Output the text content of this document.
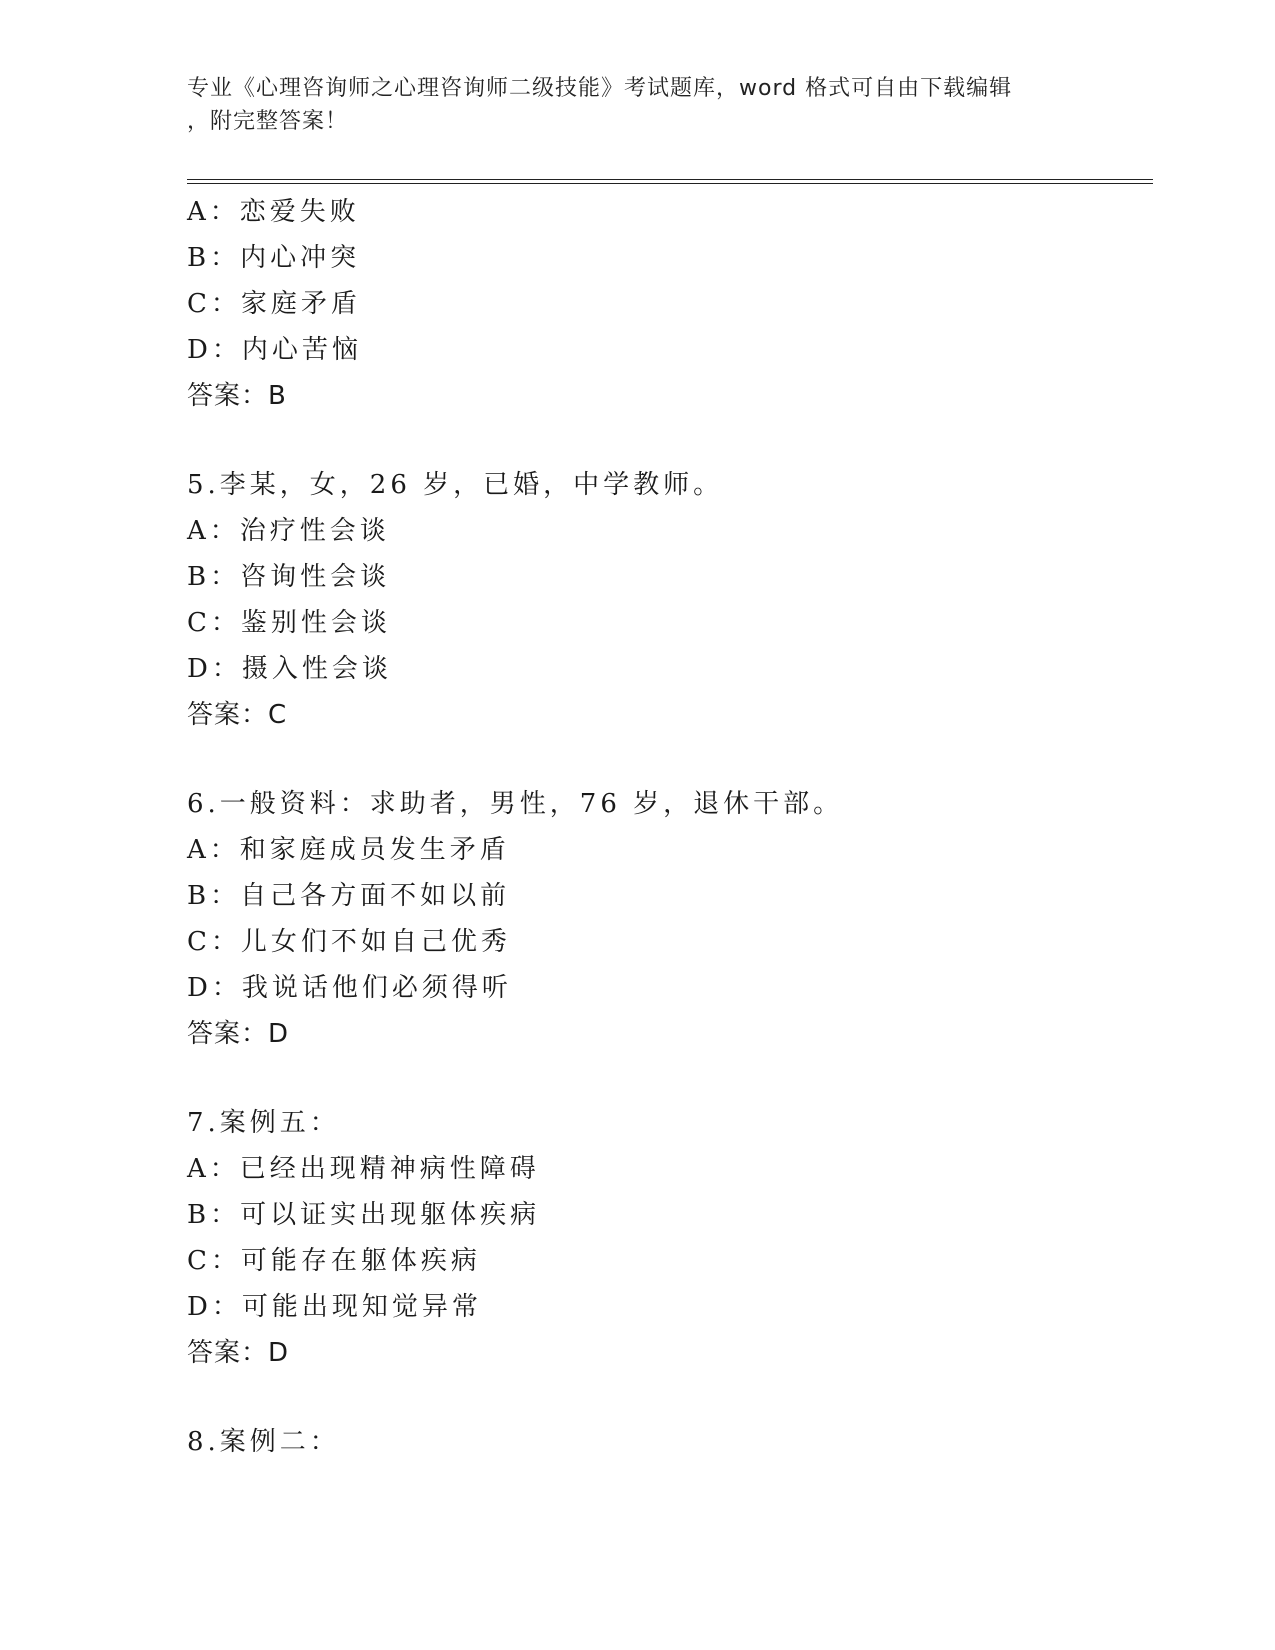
专业《心理咨询师之心理咨询师二级技能》考试题库，word 格式可自由下载编辑
，附完整答案！
A：恋爱失败
B：内心冲突
C：家庭矛盾
D：内心苦恼
答案：B
5.李某，女，26 岁，已婚，中学教师。
A：治疗性会谈
B：咨询性会谈
C：鉴别性会谈
D：摄入性会谈
答案：C
6.一般资料：求助者，男性，76 岁，退休干部。
A：和家庭成员发生矛盾
B：自己各方面不如以前
C：儿女们不如自己优秀
D：我说话他们必须得听
答案：D
7.案例五：
A：已经出现精神病性障碍
B：可以证实出现躯体疾病
C：可能存在躯体疾病
D：可能出现知觉异常
答案：D
8.案例二：
